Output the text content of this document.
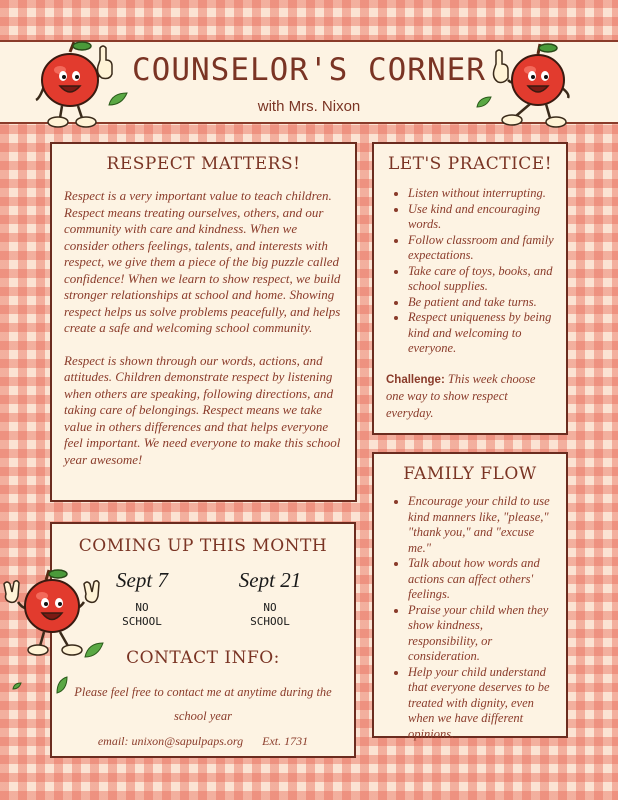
COUNSELOR'S CORNER
with Mrs. Nixon
RESPECT MATTERS!

Respect is a very important value to teach children. Respect means treating ourselves, others, and our community with care and kindness. When we consider others feelings, talents, and interests with respect, we give them a piece of the big puzzle called confidence! When we learn to show respect, we build stronger relationships at school and home. Showing respect helps us solve problems peacefully, and helps create a safe and welcoming school community.

Respect is shown through our words, actions, and attitudes. Children demonstrate respect by listening when others are speaking, following directions, and taking care of belongings. Respect means we take value in others differences and that helps everyone feel important. We need everyone to make this school year awesome!

LET'S PRACTICE!
• Listen without interrupting.
• Use kind and encouraging words.
• Follow classroom and family expectations.
• Take care of toys, books, and school supplies.
• Be patient and take turns.
• Respect uniqueness by being kind and welcoming to everyone.

Challenge: This week choose one way to show respect everyday.

FAMILY FLOW
• Encourage your child to use kind manners like, "please," "thank you," and "excuse me."
• Talk about how words and actions can affect others' feelings.
• Praise your child when they show kindness, responsibility, or consideration.
• Help your child understand that everyone deserves to be treated with dignity, even when we have different opinions.
COMING UP THIS MONTH
Sept 7
NO SCHOOL
Sept 21
NO SCHOOL
CONTACT INFO:

Please feel free to contact me at anytime during the school year

email: unixon@sapulpaps.org Ext. 1731
